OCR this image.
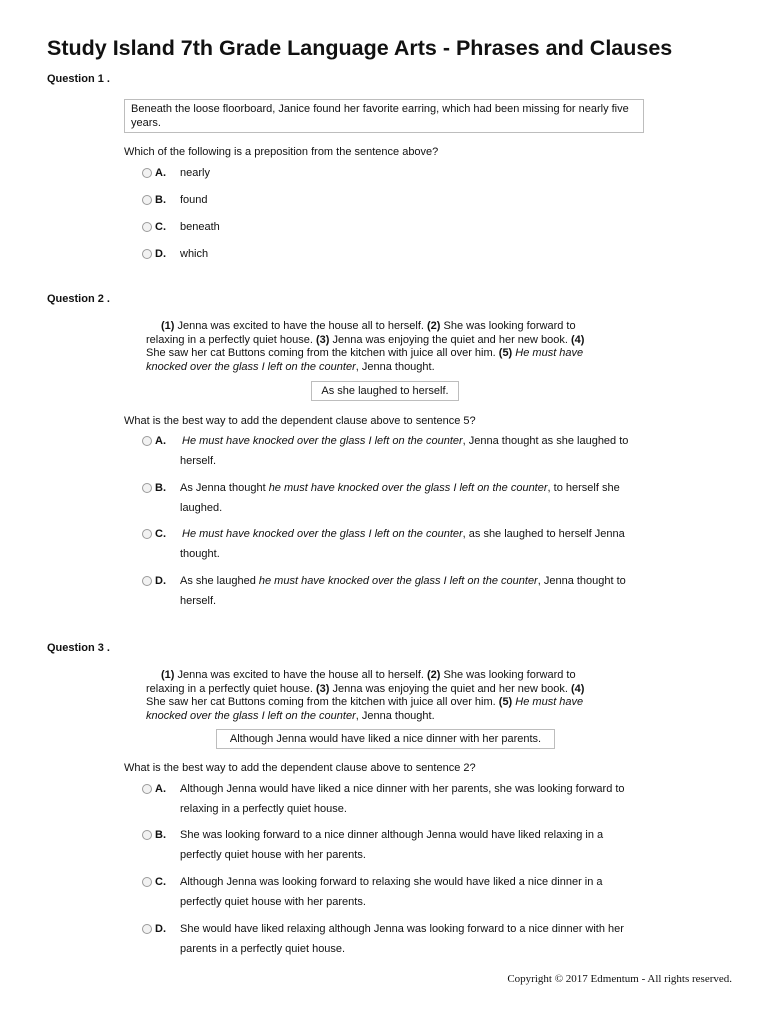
Study Island 7th Grade Language Arts - Phrases and Clauses
Question 1 .
Beneath the loose floorboard, Janice found her favorite earring, which had been missing for nearly five years.
Which of the following is a preposition from the sentence above?
A. nearly
B. found
C. beneath
D. which
Question 2 .
(1) Jenna was excited to have the house all to herself. (2) She was looking forward to relaxing in a perfectly quiet house. (3) Jenna was enjoying the quiet and her new book. (4) She saw her cat Buttons coming from the kitchen with juice all over him. (5) He must have knocked over the glass I left on the counter, Jenna thought.
As she laughed to herself.
What is the best way to add the dependent clause above to sentence 5?
A. He must have knocked over the glass I left on the counter, Jenna thought as she laughed to herself.
B. As Jenna thought he must have knocked over the glass I left on the counter, to herself she laughed.
C. He must have knocked over the glass I left on the counter, as she laughed to herself Jenna thought.
D. As she laughed he must have knocked over the glass I left on the counter, Jenna thought to herself.
Question 3 .
(1) Jenna was excited to have the house all to herself. (2) She was looking forward to relaxing in a perfectly quiet house. (3) Jenna was enjoying the quiet and her new book. (4) She saw her cat Buttons coming from the kitchen with juice all over him. (5) He must have knocked over the glass I left on the counter, Jenna thought.
Although Jenna would have liked a nice dinner with her parents.
What is the best way to add the dependent clause above to sentence 2?
A. Although Jenna would have liked a nice dinner with her parents, she was looking forward to relaxing in a perfectly quiet house.
B. She was looking forward to a nice dinner although Jenna would have liked relaxing in a perfectly quiet house with her parents.
C. Although Jenna was looking forward to relaxing she would have liked a nice dinner in a perfectly quiet house with her parents.
D. She would have liked relaxing although Jenna was looking forward to a nice dinner with her parents in a perfectly quiet house.
Copyright © 2017 Edmentum - All rights reserved.
